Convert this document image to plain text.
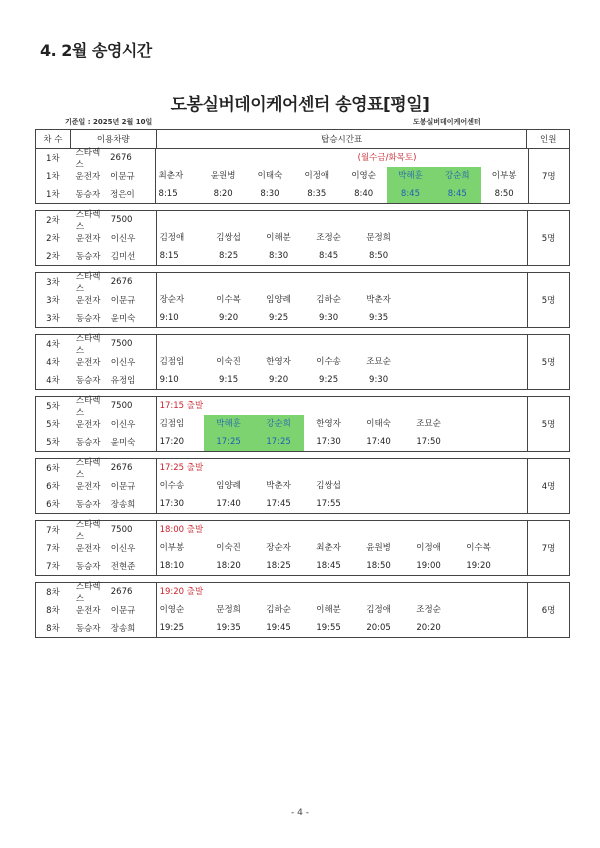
4. 2월 송영시간
도봉실버데이케어센터 송영표[평일]
기준일 : 2025년 2월 10일	도봉실버데이케어센터
차 수	이용차량	탑승시간표	인원
1차
스타렉스
2676	(월수금/화목토)
1차	운전자	이문규	최춘자	윤원병	이태숙	이정애	이영순	박해훈	강순희	이부봉	7명
1차	동승자	정은이	8:15	8:20	8:30	8:35	8:40	8:45	8:45	8:50
2차
스타렉스
7500
2차	운전자	이신우	김정애	김쌍섭	이해분	조정순	문정희	5명
2차	동승자	김미선	8:15	8:25	8:30	8:45	8:50
3차
스타렉스
2676
3차	운전자	이문규	장순자	이수복	임양례	김하순	박춘자	5명
3차	동승자	윤미숙	9:10	9:20	9:25	9:30	9:35
4차
스타렉스
7500
4차	운전자	이신우	김점임	이숙진	한영자	이수송	조묘순	5명
4차	동승자	유정임	9:10	9:15	9:20	9:25	9:30
5차
스타렉스
7500	17:15 출발
5차	운전자	이신우	김점임	박해훈	강순희	한영자	이태숙	조묘순	5명
5차	동승자	윤미숙	17:20	17:25	17:25	17:30	17:40	17:50
6차
스타렉스
2676	17:25 출발
6차	운전자	이문규	이수송	임양례	박춘자	김쌍섭	4명
6차	동승자	장송희	17:30	17:40	17:45	17:55
7차
스타렉스
7500	18:00 출발
7차	운전자	이신우	이부봉	이숙진	장순자	최춘자	윤원병	이정애	이수복	7명
7차	동승자	전현준	18:10	18:20	18:25	18:45	18:50	19:00	19:20
8차
스타렉스
2676	19:20 출발
8차	운전자	이문규	이영순	문정희	김하순	이해분	김정애	조정순	6명
8차	동승자	장송희	19:25	19:35	19:45	19:55	20:05	20:20
- 4 -
